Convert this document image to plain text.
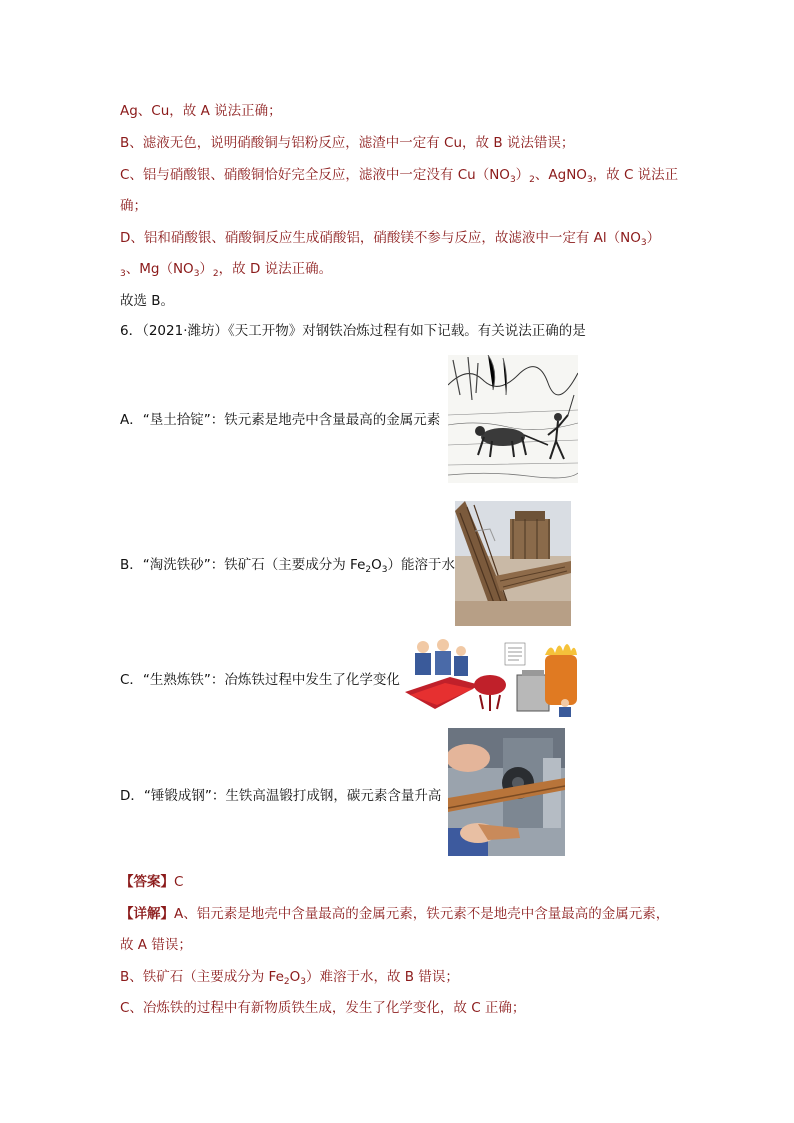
Ag、Cu，故 A 说法正确；
B、滤液无色，说明硝酸铜与铝粉反应，滤渣中一定有 Cu，故 B 说法错误；
C、铝与硝酸银、硝酸铜恰好完全反应，滤液中一定没有 $Cu(NO_3)_2$、AgNO$_3$，故 C 说法正
确；
D、铝和硝酸银、硝酸铜反应生成硝酸铝，硝酸镁不参与反应，故滤液中一定有 $Al(NO_3)$
$_3$、$Mg(NO_3)_2$，故 D 说法正确。
故选 B。
6．（2021·潍坊）《天工开物》对钢铁冶炼过程有如下记载。有关说法正确的是
A．“垦土拾锭”：铁元素是地壳中含量最高的金属元素
B．“淘洗铁砂”：铁矿石（主要成分为 $Fe_2O_3$）能溶于水
C．“生熟炼铁”：冶炼铁过程中发生了化学变化
D．“锤锻成钢”：生铁高温锻打成钢，碳元素含量升高
【答案】C
【详解】A、铝元素是地壳中含量最高的金属元素，铁元素不是地壳中含量最高的金属元素，
故 A 错误；
B、铁矿石（主要成分为 $Fe_2O_3$）难溶于水，故 B 错误；
C、冶炼铁的过程中有新物质铁生成，发生了化学变化，故 C 正确；
